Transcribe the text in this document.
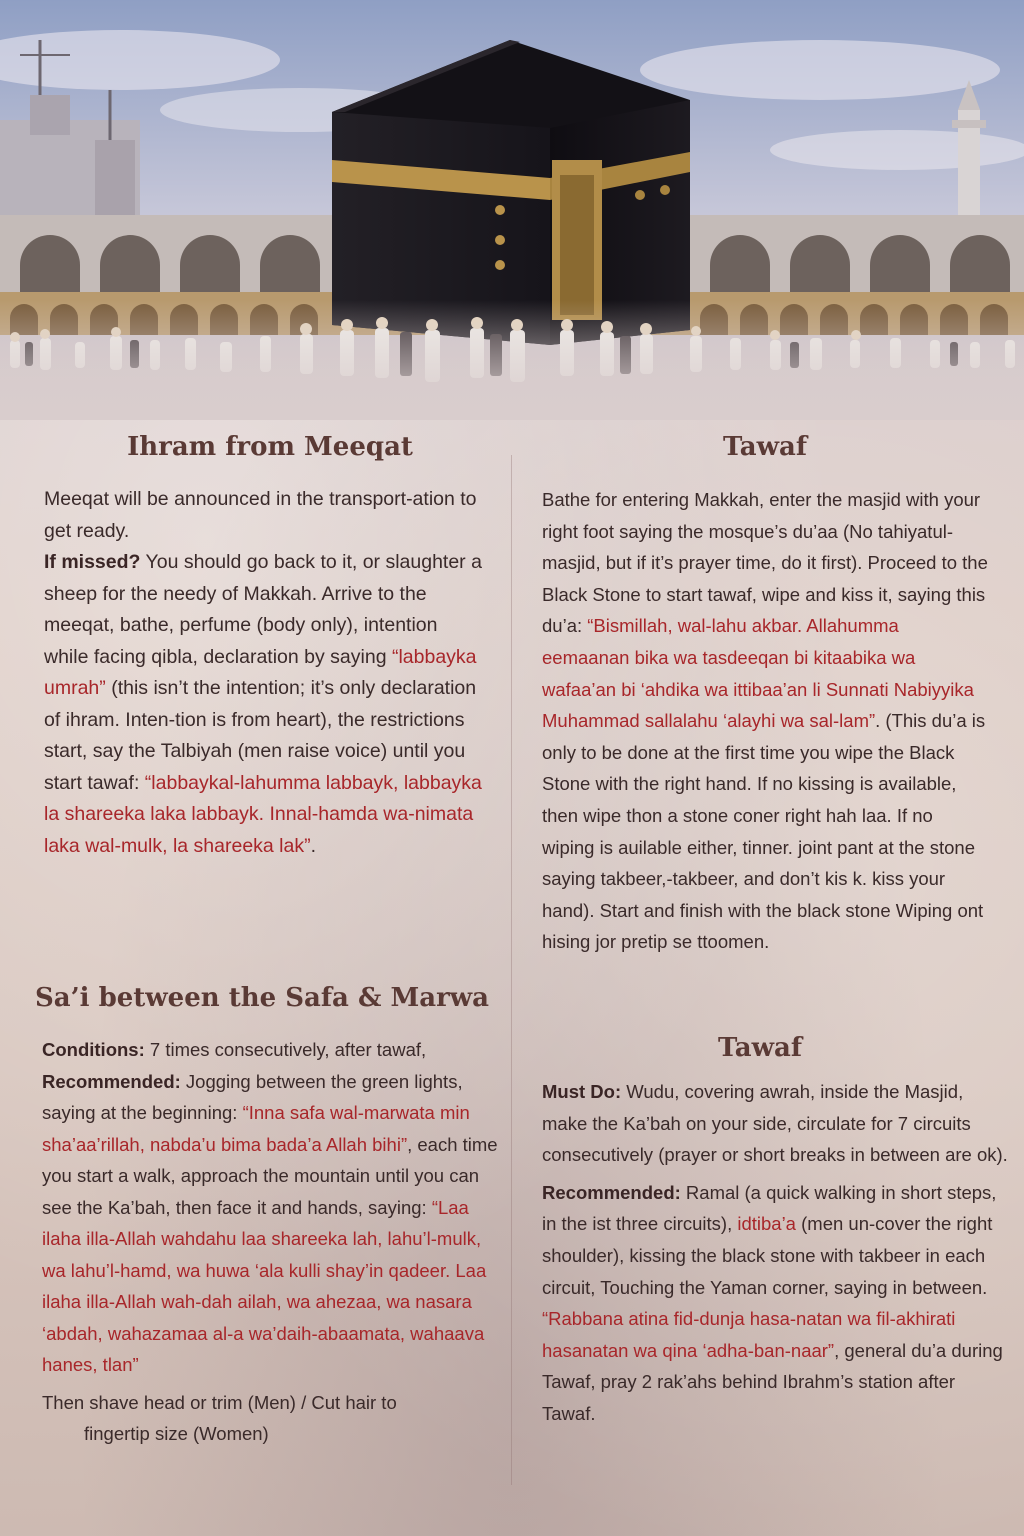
Ihram from Meeqat

Meeqat will be announced in the transport-ation to get ready.
If missed? You should go back to it, or slaughter a sheep for the needy of Makkah. Arrive to the meeqat, bathe, perfume (body only), intention while facing qibla, declaration by saying “labbayka umrah” (this isn’t the intention; it’s only declaration of ihram. Inten-tion is from heart), the restrictions start, say the Talbiyah (men raise voice) until you start tawaf: “labbaykal-lahumma labbayk, labbayka la shareeka laka labbayk. Innal-hamda wa-nimata laka wal-mulk, la shareeka lak”.

Tawaf

Bathe for entering Makkah, enter the masjid with your right foot saying the mosque’s du’aa (No tahiyatul-masjid, but if it’s prayer time, do it first). Proceed to the Black Stone to start tawaf, wipe and kiss it, saying this du’a: “Bismillah, wal-lahu akbar. Allahumma eemaanan bika wa tasdeeqan bi kitaabika wa wafaa’an bi ‘ahdika wa ittibaa’an li Sunnati Nabiyyika Muhammad sallalahu ‘alayhi wa sal-lam”. (This du’a is only to be done at the first time you wipe the Black Stone with the right hand. If no kissing is available, then wipe thon a stone coner right hah laa. If no wiping is auilable either, tinner. joint pant at the stone saying takbeer,-takbeer, and don’t kis k. kiss your hand). Start and finish with the black stone Wiping ont hising jor pretip se ttoomen.

Sa’i between the Safa & Marwa

Conditions: 7 times consecutively, after tawaf,
Recommended: Jogging between the green lights, saying at the beginning: “Inna safa wal-marwata min sha’aa’rillah, nabda’u bima bada’a Allah bihi”, each time you start a walk, approach the mountain until you can see the Ka’bah, then face it and hands, saying: “Laa ilaha illa-Allah wahdahu laa shareeka lah, lahu’l-mulk, wa lahu’l-hamd, wa huwa ‘ala kulli shay’in qadeer. Laa ilaha illa-Allah wah-dah ailah, wa ahezaa, wa nasara ‘abdah, wahazamaa al-a wa’daih-abaamata, wahaava hanes, tlan”

Then shave head or trim (Men) / Cut hair to
fingertip size (Women)

Tawaf

Must Do: Wudu, covering awrah, inside the Masjid, make the Ka’bah on your side, circulate for 7 circuits consecutively (prayer or short breaks in between are ok).

Recommended: Ramal (a quick walking in short steps, in the ist three circuits), idtiba’a (men un-cover the right shoulder), kissing the black stone with takbeer in each circuit, Touching the Yaman corner, saying in between. “Rabbana atina fid-dunja hasa-natan wa fil-akhirati hasanatan wa qina ‘adha-ban-naar”, general du’a during Tawaf, pray 2 rak’ahs behind Ibrahm’s station after Tawaf.
